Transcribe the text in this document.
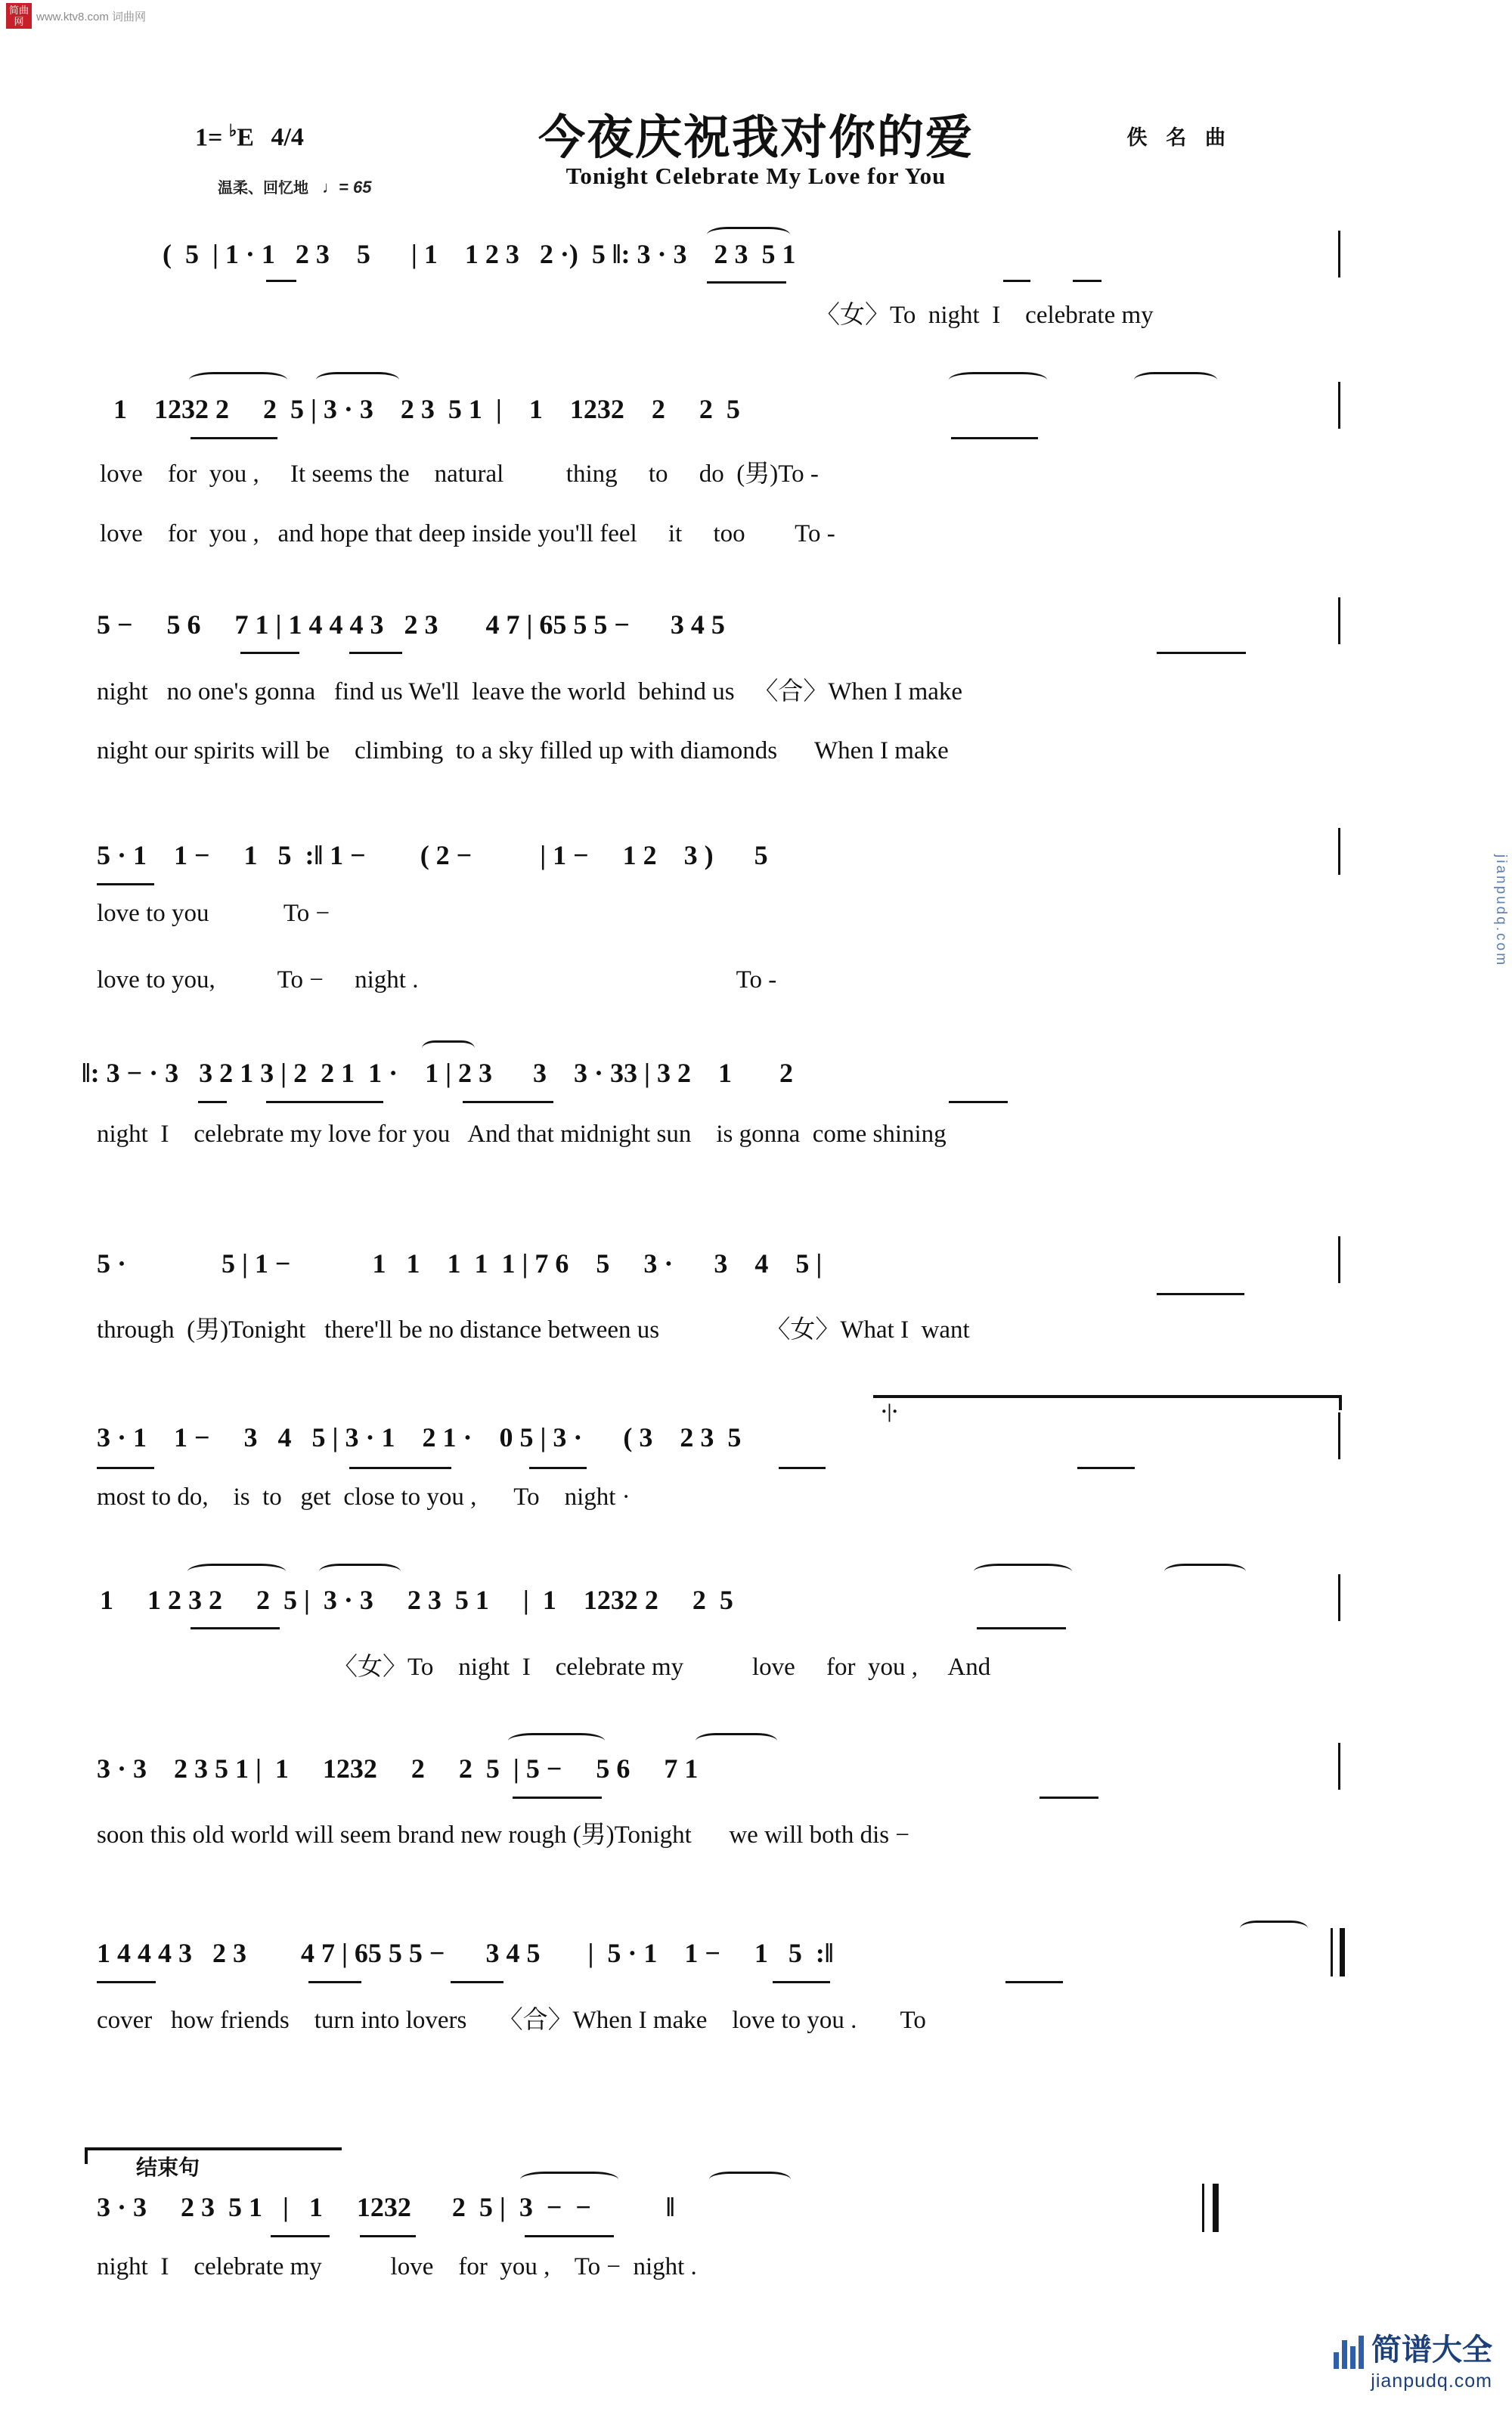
简曲网	www.ktv8.com 词曲网
jianpudq.com
简谱大全
jianpudq.com
1= ♭E 4/4
温柔、回忆地 ♩= 65
今夜庆祝我对你的爱
Tonight Celebrate My Love for You
佚 名 曲
(  5  | 1 · 1   2 3    5      | 1    1 2 3   2 ·)  5 ‖: 3 · 3    2 3  5 1
〈女〉To  night  I    celebrate my
1    1232 2     2  5 | 3 · 3    2 3  5 1  |    1    1232    2     2  5
love    for  you ,     It seems the    natural          thing     to     do  (男)To -
love    for  you ,   and hope that deep inside you'll feel     it     too        To -
5 −     5 6     7 1 | 1 4 4 4 3   2 3       4 7 | 65 5 5 −      3 4 5
night   no one's gonna   find us We'll  leave the world  behind us   〈合〉When I make
night our spirits will be    climbing  to a sky filled up with diamonds      When I make
5 · 1    1 −     1   5  :‖ 1 −        ( 2 −          | 1 −     1 2    3 )      5
love to you            To −
love to you,          To −     night .                                                   To -
‖: 3 − · 3   3 2 1 3 | 2  2 1  1 ·    1 | 2 3      3    3 · 33 | 3 2    1       2
night  I    celebrate my love for you   And that midnight sun    is gonna  come shining
5 ·              5 | 1 −            1   1    1  1  1 | 7 6    5     3 ·      3    4    5 |
through  (男)Tonight   there'll be no distance between us                 〈女〉What I  want
·|·
3 · 1    1 −     3   4   5 | 3 · 1    2 1 ·    0 5 | 3 ·      ( 3    2 3  5
most to do,    is  to   get  close to you ,      To    night ·
1     1 2 3 2     2  5 |  3 · 3     2 3  5 1     |  1    1232 2     2  5
〈女〉To    night  I    celebrate my           love     for  you ,     And
3 · 3    2 3 5 1 |  1     1232     2     2  5  | 5 −     5 6     7 1
soon this old world will seem brand new rough (男)Tonight      we will both dis −
1 4 4 4 3   2 3        4 7 | 65 5 5 −      3 4 5       |  5 · 1    1 −     1   5  :‖
cover   how friends    turn into lovers     〈合〉When I make    love to you .       To
结束句
3 · 3     2 3  5 1   |   1     1232      2  5 |  3  −  −           ‖
night  I    celebrate my           love    for  you ,    To −  night .
